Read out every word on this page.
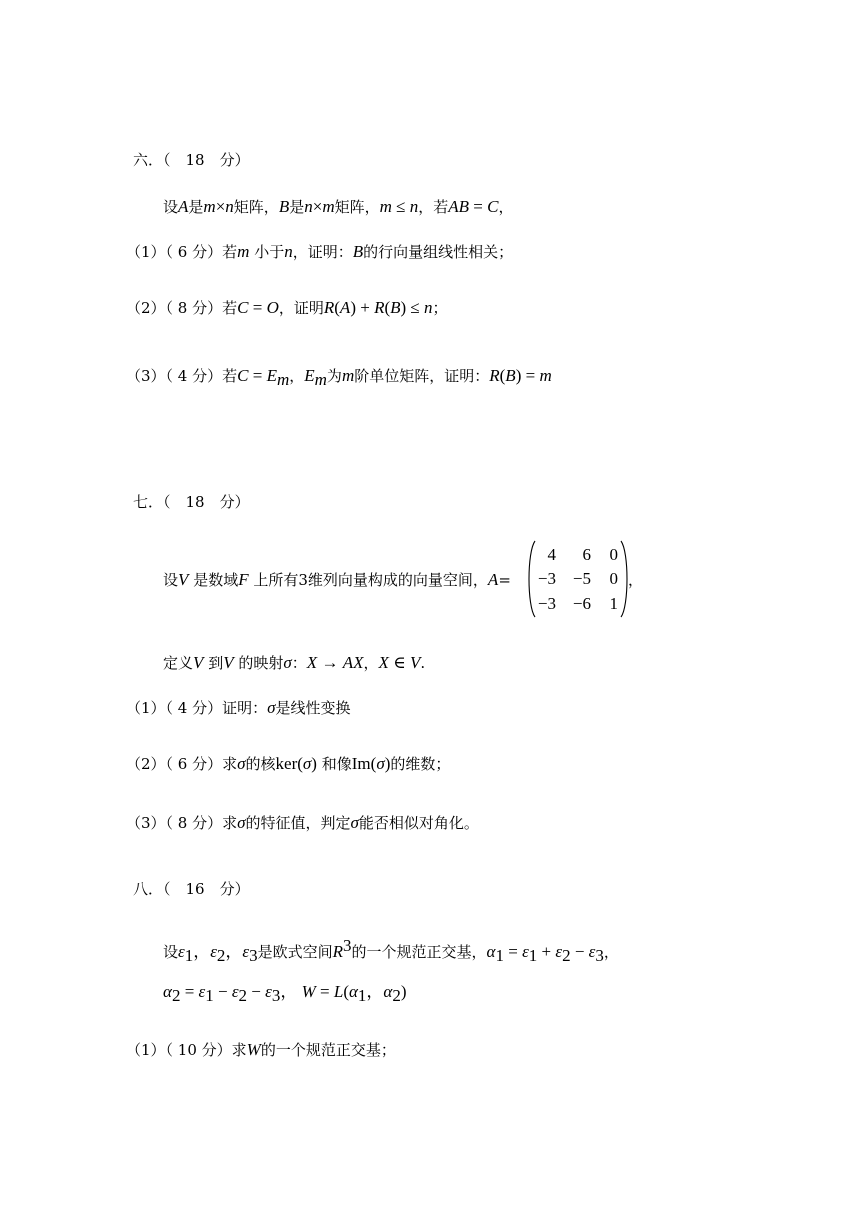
六．（　18　分）
设A是m×n矩阵，B是n×m矩阵，m ≤ n，若AB = C，
（1）（ 6 分）若m 小于n，证明：B的行向量组线性相关；
（2）（ 8 分）若C = O，证明R(A) + R(B) ≤ n；
（3）（ 4 分）若$C = E_m$，$E_m$为m阶单位矩阵，证明：R(B) = m
七．（　18　分）
设V 是数域F 上所有3维列向量构成的向量空间，A=
4	6	0
−3 −5	0
−3 −6	1
，
定义V 到V 的映射σ：X → AX，X ∈ V.
（1）（ 4 分）证明：σ是线性变换
（2）（ 6 分）求σ的核ker(σ) 和像Im(σ)的维数；
（3）（ 8 分）求σ的特征值，判定σ能否相似对角化。
八．（　16　分）
设$\varepsilon_1$，$\varepsilon_2$，$\varepsilon_3$是欧式空间$R^3$的一个规范正交基，$\alpha_1 = \varepsilon_1 + \varepsilon_2 - \varepsilon_3$，
$\alpha_2 = \varepsilon_1 - \varepsilon_2 - \varepsilon_3$， $W = L(\alpha_1$，$\alpha_2$)
（1）（ 10 分）求W的一个规范正交基；
